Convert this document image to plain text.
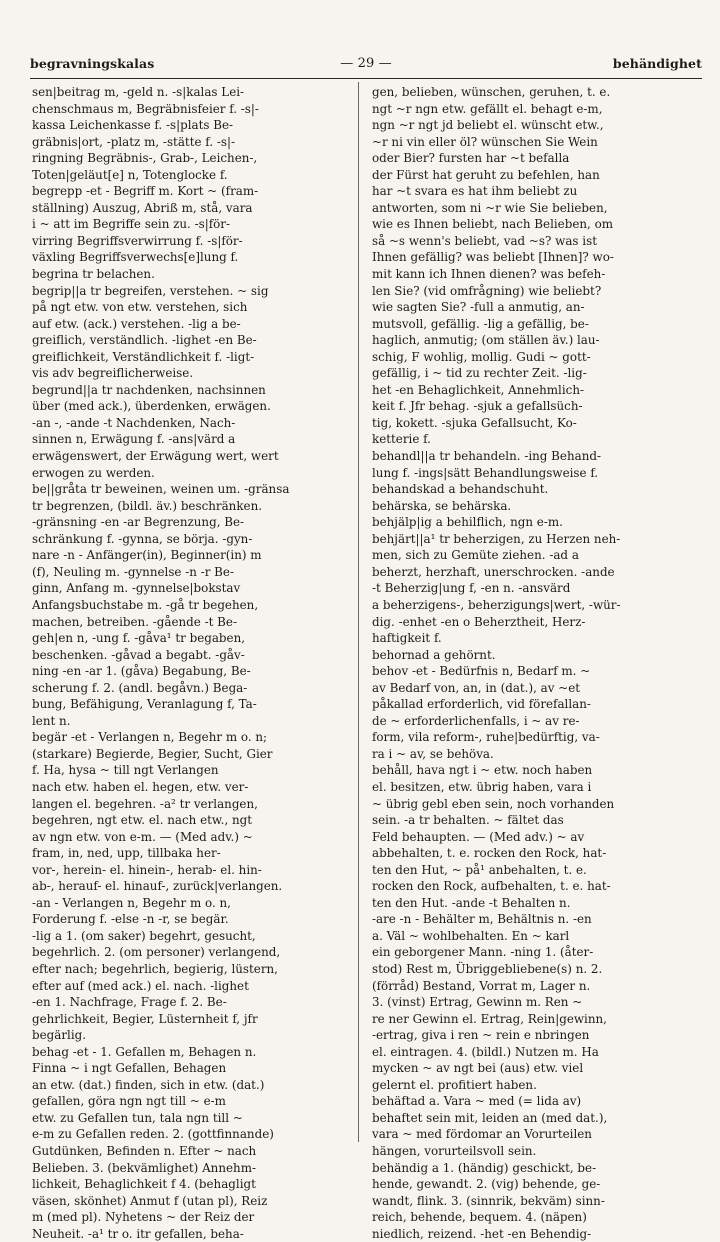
begravningskalas	— 29 —	behändighet
sen|beitrag m, -geld n. -s|kalas Lei-
chenschmaus m, Begräbnisfeier f. -s|-
kassa Leichenkasse f. -s|plats Be-
gräbnis|ort, -platz m, -stätte f. -s|-
ringning Begräbnis-, Grab-, Leichen-,
Toten|geläut[e] n, Totenglocke f.
begrepp -et - Begriff m. Kort ~ (fram-
ställning) Auszug, Abriß m, stå, vara
i ~ att im Begriffe sein zu. -s|för-
virring Begriffsverwirrung f. -s|för-
växling Begriffsverwechs[e]lung f.
begrina tr belachen.
begrip||a tr begreifen, verstehen. ~ sig
på ngt etw. von etw. verstehen, sich
auf etw. (ack.) verstehen. -lig a be-
greiflich, verständlich. -lighet -en Be-
greiflichkeit, Verständlichkeit f. -ligt-
vis adv begreiflicherweise.
begrund||a tr nachdenken, nachsinnen
über (med ack.), überdenken, erwägen.
-an -, -ande -t Nachdenken, Nach-
sinnen n, Erwägung f. -ans|värd a
erwägenswert, der Erwägung wert, wert
erwogen zu werden.
be||gråta tr beweinen, weinen um. -gränsa
tr begrenzen, (bildl. äv.) beschränken.
-gränsning -en -ar Begrenzung, Be-
schränkung f. -gynna, se börja. -gyn-
nare -n - Anfänger(in), Beginner(in) m
(f), Neuling m. -gynnelse -n -r Be-
ginn, Anfang m. -gynnelse|bokstav
Anfangsbuchstabe m. -gå tr begehen,
machen, betreiben. -gående -t Be-
geh|en n, -ung f. -gåva¹ tr begaben,
beschenken. -gåvad a begabt. -gåv-
ning -en -ar 1. (gåva) Begabung, Be-
scherung f. 2. (andl. begåvn.) Bega-
bung, Befähigung, Veranlagung f, Ta-
lent n.
begär -et - Verlangen n, Begehr m o. n;
(starkare) Begierde, Begier, Sucht, Gier
f. Ha, hysa ~ till ngt Verlangen
nach etw. haben el. hegen, etw. ver-
langen el. begehren. -a² tr verlangen,
begehren, ngt etw. el. nach etw., ngt
av ngn etw. von e-m. — (Med adv.) ~
fram, in, ned, upp, tillbaka her-
vor-, herein- el. hinein-, herab- el. hin-
ab-, herauf- el. hinauf-, zurück|verlangen.
-an - Verlangen n, Begehr m o. n,
Forderung f. -else -n -r, se begär.
-lig a 1. (om saker) begehrt, gesucht,
begehrlich. 2. (om personer) verlangend,
efter nach; begehrlich, begierig, lüstern,
efter auf (med ack.) el. nach. -lighet
-en 1. Nachfrage, Frage f. 2. Be-
gehrlichkeit, Begier, Lüsternheit f, jfr
begärlig.
behag -et - 1. Gefallen m, Behagen n.
Finna ~ i ngt Gefallen, Behagen
an etw. (dat.) finden, sich in etw. (dat.)
gefallen, göra ngn ngt till ~ e-m
etw. zu Gefallen tun, tala ngn till ~
e-m zu Gefallen reden. 2. (gottfinnande)
Gutdünken, Befinden n. Efter ~ nach
Belieben. 3. (bekvämlighet) Annehm-
lichkeit, Behaglichkeit f 4. (behagligt
väsen, skönhet) Anmut f (utan pl), Reiz
m (med pl). Nyhetens ~ der Reiz der
Neuheit. -a¹ tr o. itr gefallen, beha-
gen, belieben, wünschen, geruhen, t. e.
ngt ~r ngn etw. gefällt el. behagt e-m,
ngn ~r ngt jd beliebt el. wünscht etw.,
~r ni vin eller öl? wünschen Sie Wein
oder Bier? fursten har ~t befalla
der Fürst hat geruht zu befehlen, han
har ~t svara es hat ihm beliebt zu
antworten, som ni ~r wie Sie belieben,
wie es Ihnen beliebt, nach Belieben, om
så ~s wenn's beliebt, vad ~s? was ist
Ihnen gefällig? was beliebt [Ihnen]? wo-
mit kann ich Ihnen dienen? was befeh-
len Sie? (vid omfrågning) wie beliebt?
wie sagten Sie? -full a anmutig, an-
mutsvoll, gefällig. -lig a gefällig, be-
haglich, anmutig; (om ställen äv.) lau-
schig, F wohlig, mollig. Gudi ~ gott-
gefällig, i ~ tid zu rechter Zeit. -lig-
het -en Behaglichkeit, Annehmlich-
keit f. Jfr behag. -sjuk a gefallsüch-
tig, kokett. -sjuka Gefallsucht, Ko-
ketterie f.
behandl||a tr behandeln. -ing Behand-
lung f. -ings|sätt Behandlungsweise f.
behandskad a behandschuht.
behärska, se behärska.
behjälp|ig a behilflich, ngn e-m.
behjärt||a¹ tr beherzigen, zu Herzen neh-
men, sich zu Gemüte ziehen. -ad a
beherzt, herzhaft, unerschrocken. -ande
-t Beherzig|ung f, -en n. -ansvärd
a beherzigens-, beherzigungs|wert, -wür-
dig. -enhet -en o Beherztheit, Herz-
haftigkeit f.
behornad a gehörnt.
behov -et - Bedürfnis n, Bedarf m. ~
av Bedarf von, an, in (dat.), av ~et
påkallad erforderlich, vid förefallan-
de ~ erforderlichenfalls, i ~ av re-
form, vila reform-, ruhe|bedürftig, va-
ra i ~ av, se behöva.
behåll, hava ngt i ~ etw. noch haben
el. besitzen, etw. übrig haben, vara i
~ übrig gebl eben sein, noch vorhanden
sein. -a tr behalten. ~ fältet das
Feld behaupten. — (Med adv.) ~ av
abbehalten, t. e. rocken den Rock, hat-
ten den Hut, ~ på¹ anbehalten, t. e.
rocken den Rock, aufbehalten, t. e. hat-
ten den Hut. -ande -t Behalten n.
-are -n - Behälter m, Behältnis n. -en
a. Väl ~ wohlbehalten. En ~ karl
ein geborgener Mann. -ning 1. (åter-
stod) Rest m, Übriggebliebene(s) n. 2.
(förråd) Bestand, Vorrat m, Lager n.
3. (vinst) Ertrag, Gewinn m. Ren ~
re ner Gewinn el. Ertrag, Rein|gewinn,
-ertrag, giva i ren ~ rein e nbringen
el. eintragen. 4. (bildl.) Nutzen m. Ha
mycken ~ av ngt bei (aus) etw. viel
gelernt el. profitiert haben.
behäftad a. Vara ~ med (= lida av)
behaftet sein mit, leiden an (med dat.),
vara ~ med fördomar an Vorurteilen
hängen, vorurteilsvoll sein.
behändig a 1. (händig) geschickt, be-
hende, gewandt. 2. (vig) behende, ge-
wandt, flink. 3. (sinnrik, bekväm) sinn-
reich, behende, bequem. 4. (näpen)
niedlich, reizend. -het -en Behendig-
